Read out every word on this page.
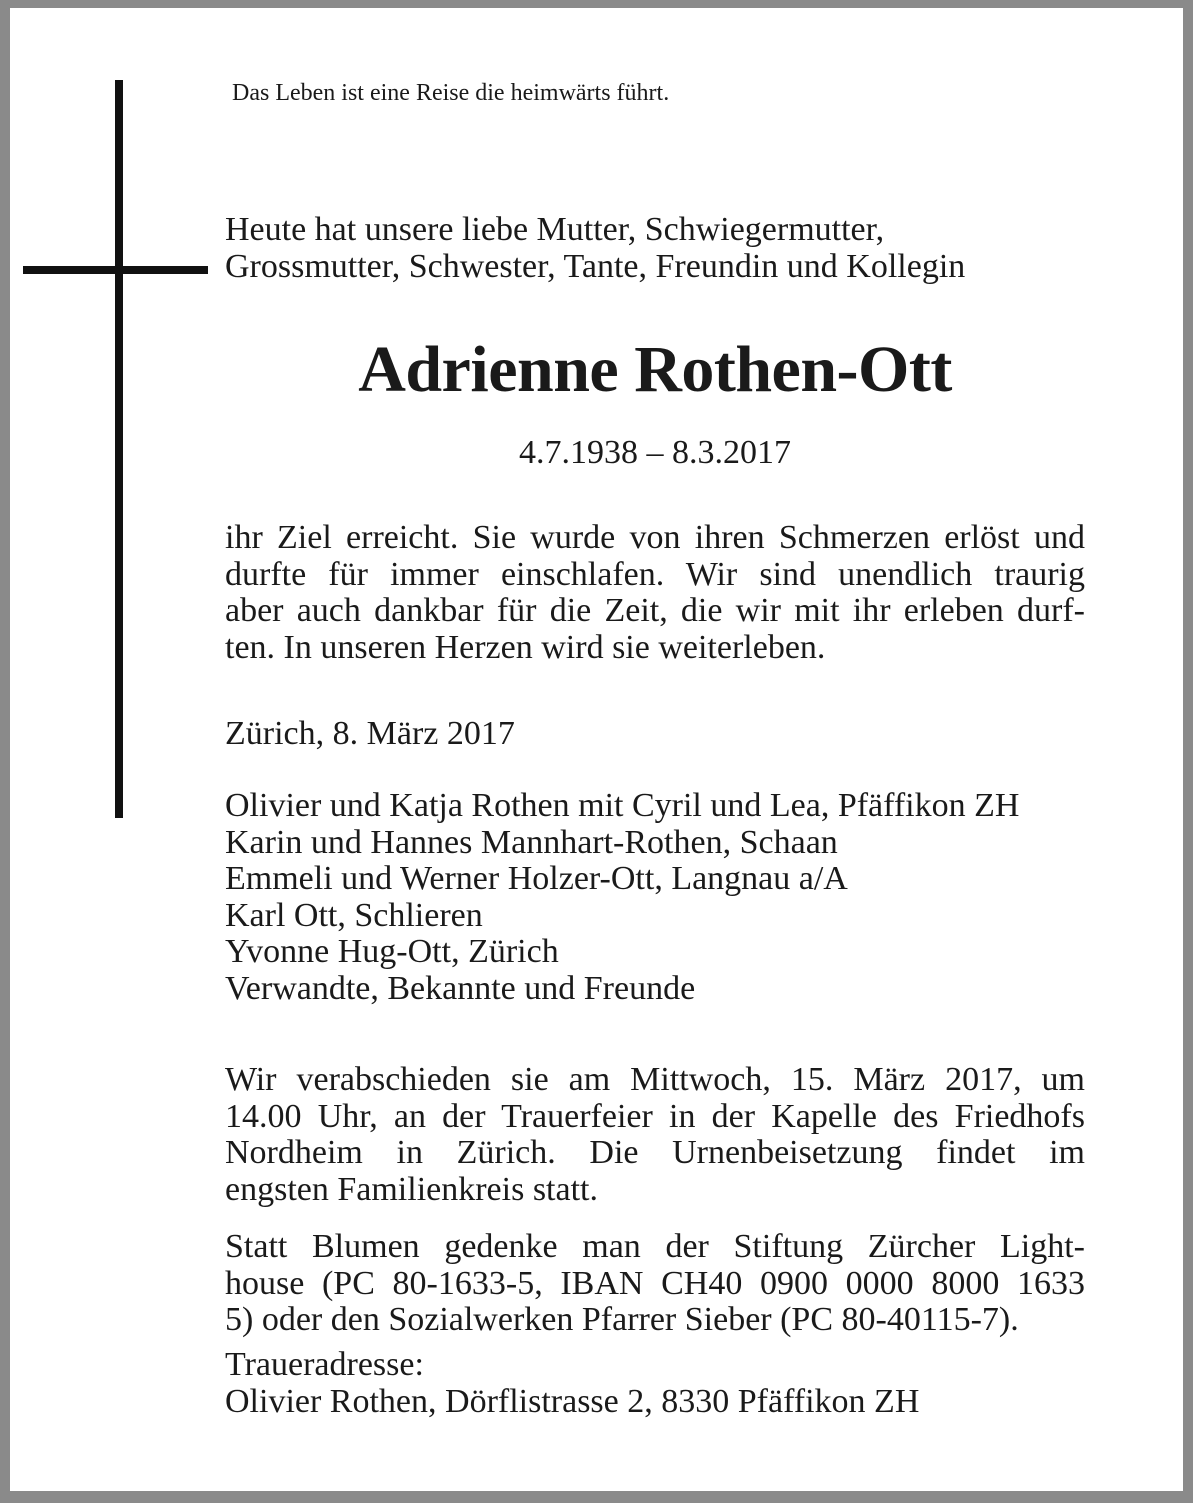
Das Leben ist eine Reise die heimwärts führt.
Heute hat unsere liebe Mutter, Schwiegermutter,
Grossmutter, Schwester, Tante, Freundin und Kollegin
Adrienne Rothen-Ott
4.7.1938 – 8.3.2017
ihr Ziel erreicht. Sie wurde von ihren Schmerzen erlöst und
durfte für immer einschlafen. Wir sind unendlich traurig
aber auch dankbar für die Zeit, die wir mit ihr erleben durf-
ten. In unseren Herzen wird sie weiterleben.
Zürich, 8. März 2017
Olivier und Katja Rothen mit Cyril und Lea, Pfäffikon ZH
Karin und Hannes Mannhart-Rothen, Schaan
Emmeli und Werner Holzer-Ott, Langnau a/A
Karl Ott, Schlieren
Yvonne Hug-Ott, Zürich
Verwandte, Bekannte und Freunde
Wir verabschieden sie am Mittwoch, 15. März 2017, um
14.00 Uhr, an der Trauerfeier in der Kapelle des Friedhofs
Nordheim in Zürich. Die Urnenbeisetzung findet im
engsten Familienkreis statt.
Statt Blumen gedenke man der Stiftung Zürcher Light-
house (PC 80-1633-5, IBAN CH40 0900 0000 8000 1633
5) oder den Sozialwerken Pfarrer Sieber (PC 80-40115-7).
Traueradresse:
Olivier Rothen, Dörflistrasse 2, 8330 Pfäffikon ZH
